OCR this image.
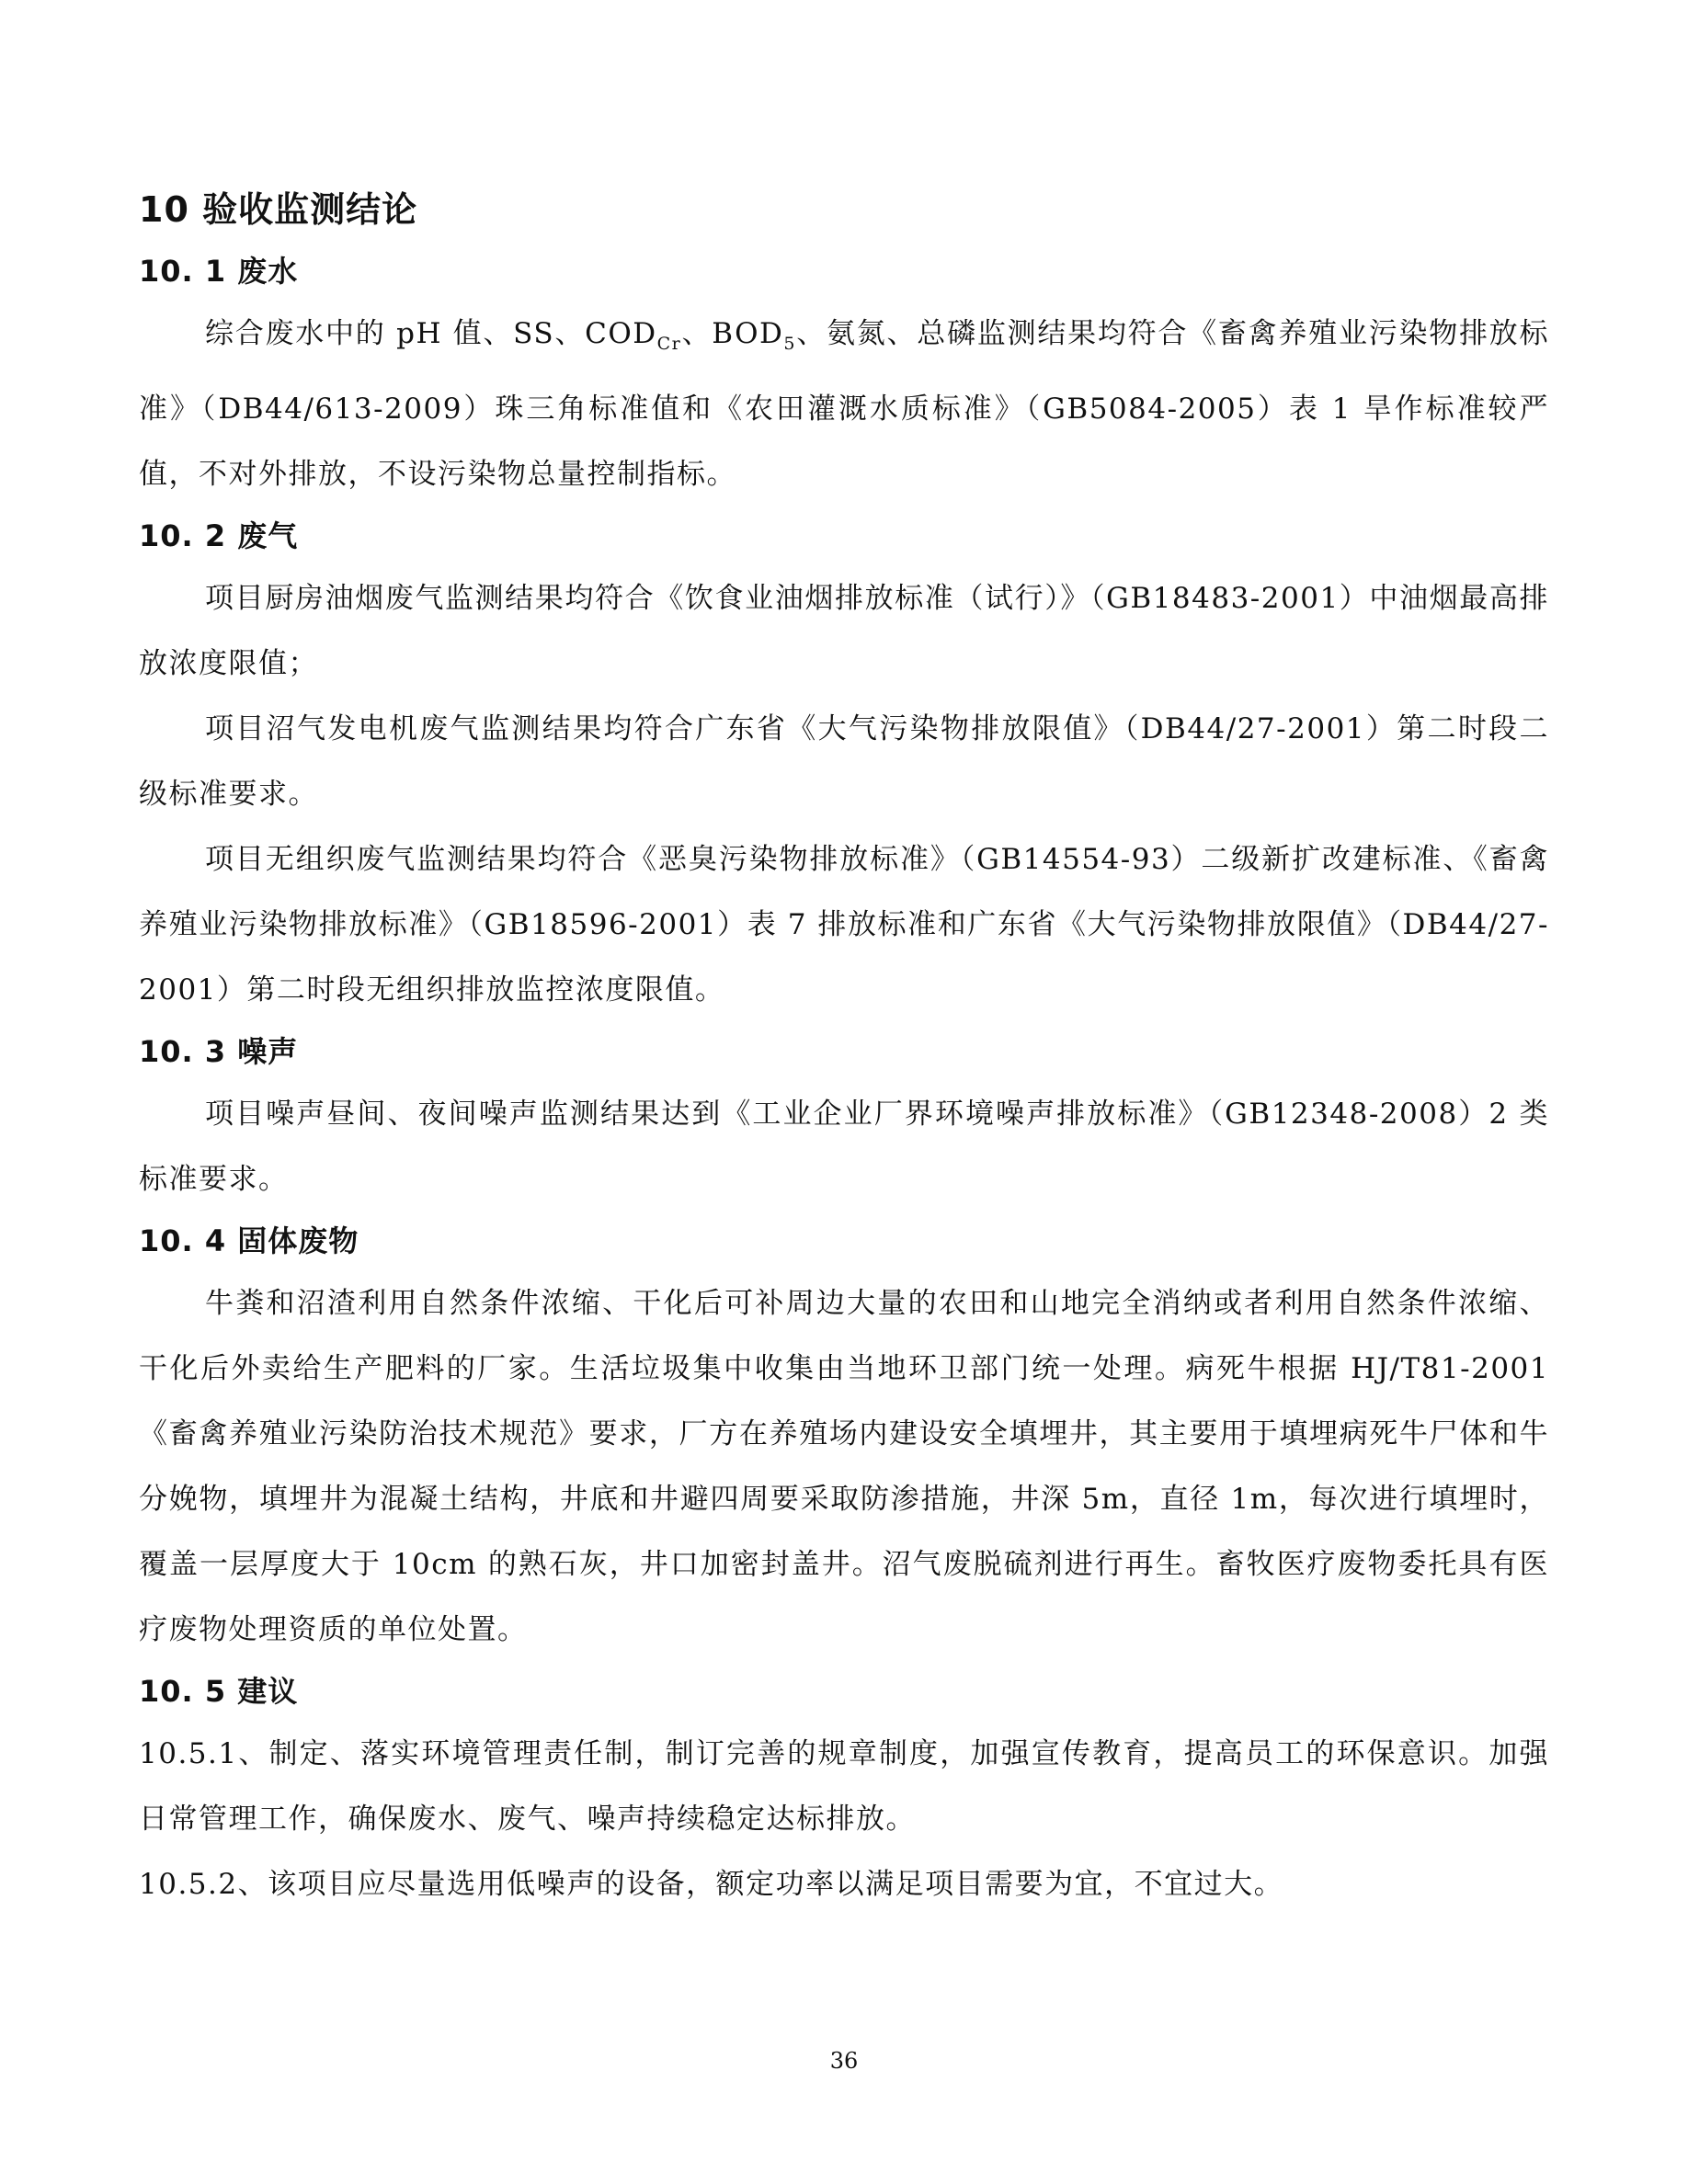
10 验收监测结论
10. 1 废水

综合废水中的 pH 值、SS、$COD_{Cr}$、$BOD_5$、氨氮、总磷监测结果均符合《畜禽养殖业污染物排放标准》（DB44/613-2009）珠三角标准值和《农田灌溉水质标准》（GB5084-2005）表 1 旱作标准较严值，不对外排放，不设污染物总量控制指标。

10. 2 废气

项目厨房油烟废气监测结果均符合《饮食业油烟排放标准（试行）》（GB18483-2001）中油烟最高排放浓度限值；

项目沼气发电机废气监测结果均符合广东省《大气污染物排放限值》（DB44/27-2001）第二时段二级标准要求。

项目无组织废气监测结果均符合《恶臭污染物排放标准》（GB14554-93）二级新扩改建标准、《畜禽养殖业污染物排放标准》（GB18596-2001）表 7 排放标准和广东省《大气污染物排放限值》（DB44/27-2001）第二时段无组织排放监控浓度限值。

10. 3 噪声

项目噪声昼间、夜间噪声监测结果达到《工业企业厂界环境噪声排放标准》（GB12348-2008）2 类标准要求。

10. 4 固体废物

牛粪和沼渣利用自然条件浓缩、干化后可补周边大量的农田和山地完全消纳或者利用自然条件浓缩、干化后外卖给生产肥料的厂家。生活垃圾集中收集由当地环卫部门统一处理。病死牛根据 HJ/T81-2001《畜禽养殖业污染防治技术规范》要求，厂方在养殖场内建设安全填埋井，其主要用于填埋病死牛尸体和牛分娩物，填埋井为混凝土结构，井底和井避四周要采取防渗措施，井深 5m，直径 1m，每次进行填埋时，覆盖一层厚度大于 10cm 的熟石灰，井口加密封盖井。沼气废脱硫剂进行再生。畜牧医疗废物委托具有医疗废物处理资质的单位处置。

10. 5 建议

10.5.1、制定、落实环境管理责任制，制订完善的规章制度，加强宣传教育，提高员工的环保意识。加强日常管理工作，确保废水、废气、噪声持续稳定达标排放。

10.5.2、该项目应尽量选用低噪声的设备，额定功率以满足项目需要为宜，不宜过大。

36
